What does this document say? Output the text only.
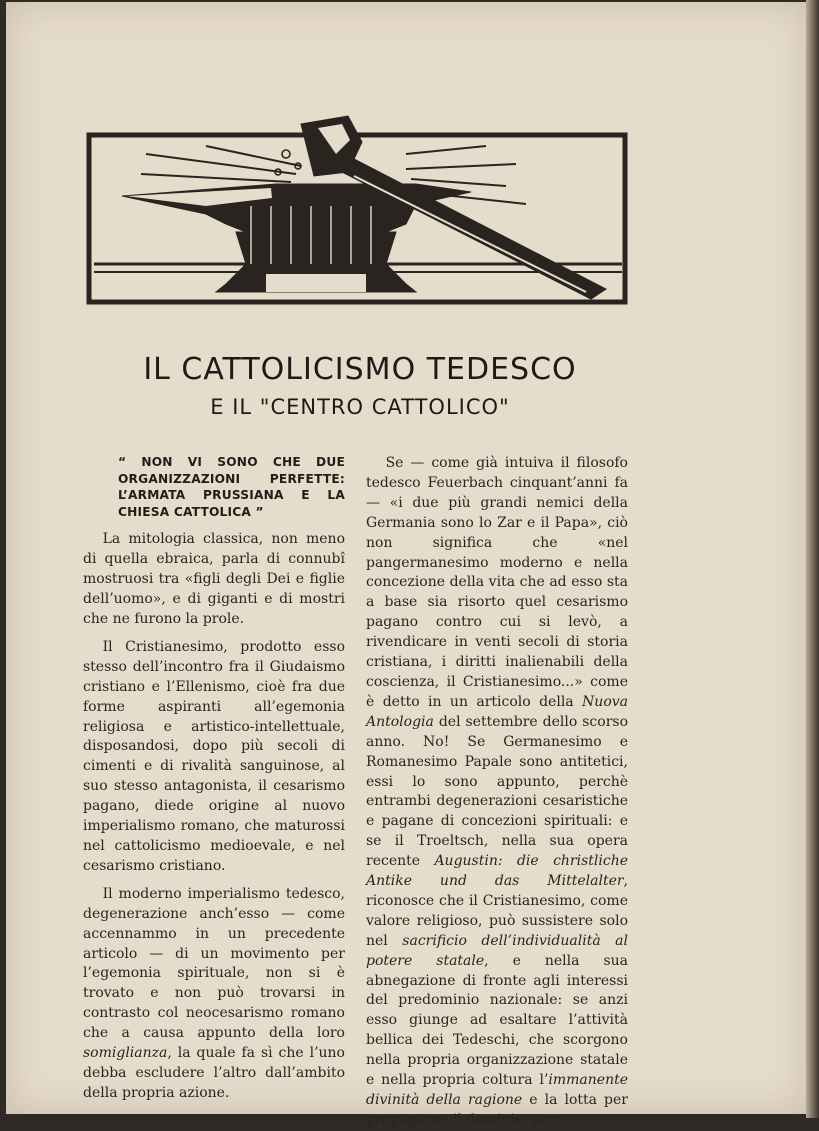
IL CATTOLICISMO TEDESCO
E IL "CENTRO CATTOLICO"
“ NON VI SONO CHE DUE ORGANIZZAZIONI PERFETTE: L’ARMATA PRUSSIANA E LA CHIESA CATTOLICA ”

La mitologia classica, non meno di quella ebraica, parla di connubî mostruosi tra «figli degli Dei e figlie dell’uomo», e di giganti e di mostri che ne furono la prole.

Il Cristianesimo, prodotto esso stesso dell’incontro fra il Giudaismo cristiano e l’Ellenismo, cioè fra due forme aspiranti all’egemonia religiosa e artistico-intellettuale, disposandosi, dopo più secoli di cimenti e di rivalità sanguinose, al suo stesso antagonista, il cesarismo pagano, diede origine al nuovo imperialismo romano, che maturossi nel cattolicismo medioevale, e nel cesarismo cristiano.

Il moderno imperialismo tedesco, degenerazione anch’esso — come accennammo in un precedente articolo — di un movimento per l’egemonia spirituale, non si è trovato e non può trovarsi in contrasto col neocesarismo romano che a causa appunto della loro somiglianza, la quale fa sì che l’uno debba escludere l’altro dall’ambito della propria azione.

Se — come già intuiva il filosofo tedesco Feuerbach cinquant’anni fa — «i due più grandi nemici della Germania sono lo Zar e il Papa», ciò non significa che «nel pangermanesimo moderno e nella concezione della vita che ad esso sta a base sia risorto quel cesarismo pagano contro cui si levò, a rivendicare in venti secoli di storia cristiana, i diritti inalienabili della coscienza, il Cristianesimo...» come è detto in un articolo della Nuova Antologia del settembre dello scorso anno. No! Se Germanesimo e Romanesimo Papale sono antitetici, essi lo sono appunto, perchè entrambi degenerazioni cesaristiche e pagane di concezioni spirituali: e se il Troeltsch, nella sua opera recente Augustin: die christliche Antike und das Mittelalter, riconosce che il Cristianesimo, come valore religioso, può sussistere solo nel sacrificio dell’individualità al potere statale, e nella sua abnegazione di fronte agli interessi del predominio nazionale: se anzi esso giunge ad esaltare l’attività bellica dei Tedeschi, che scorgono nella propria organizzazione statale e nella propria coltura l’immanente divinità della ragione e la lotta per propagarne il dominio, non
